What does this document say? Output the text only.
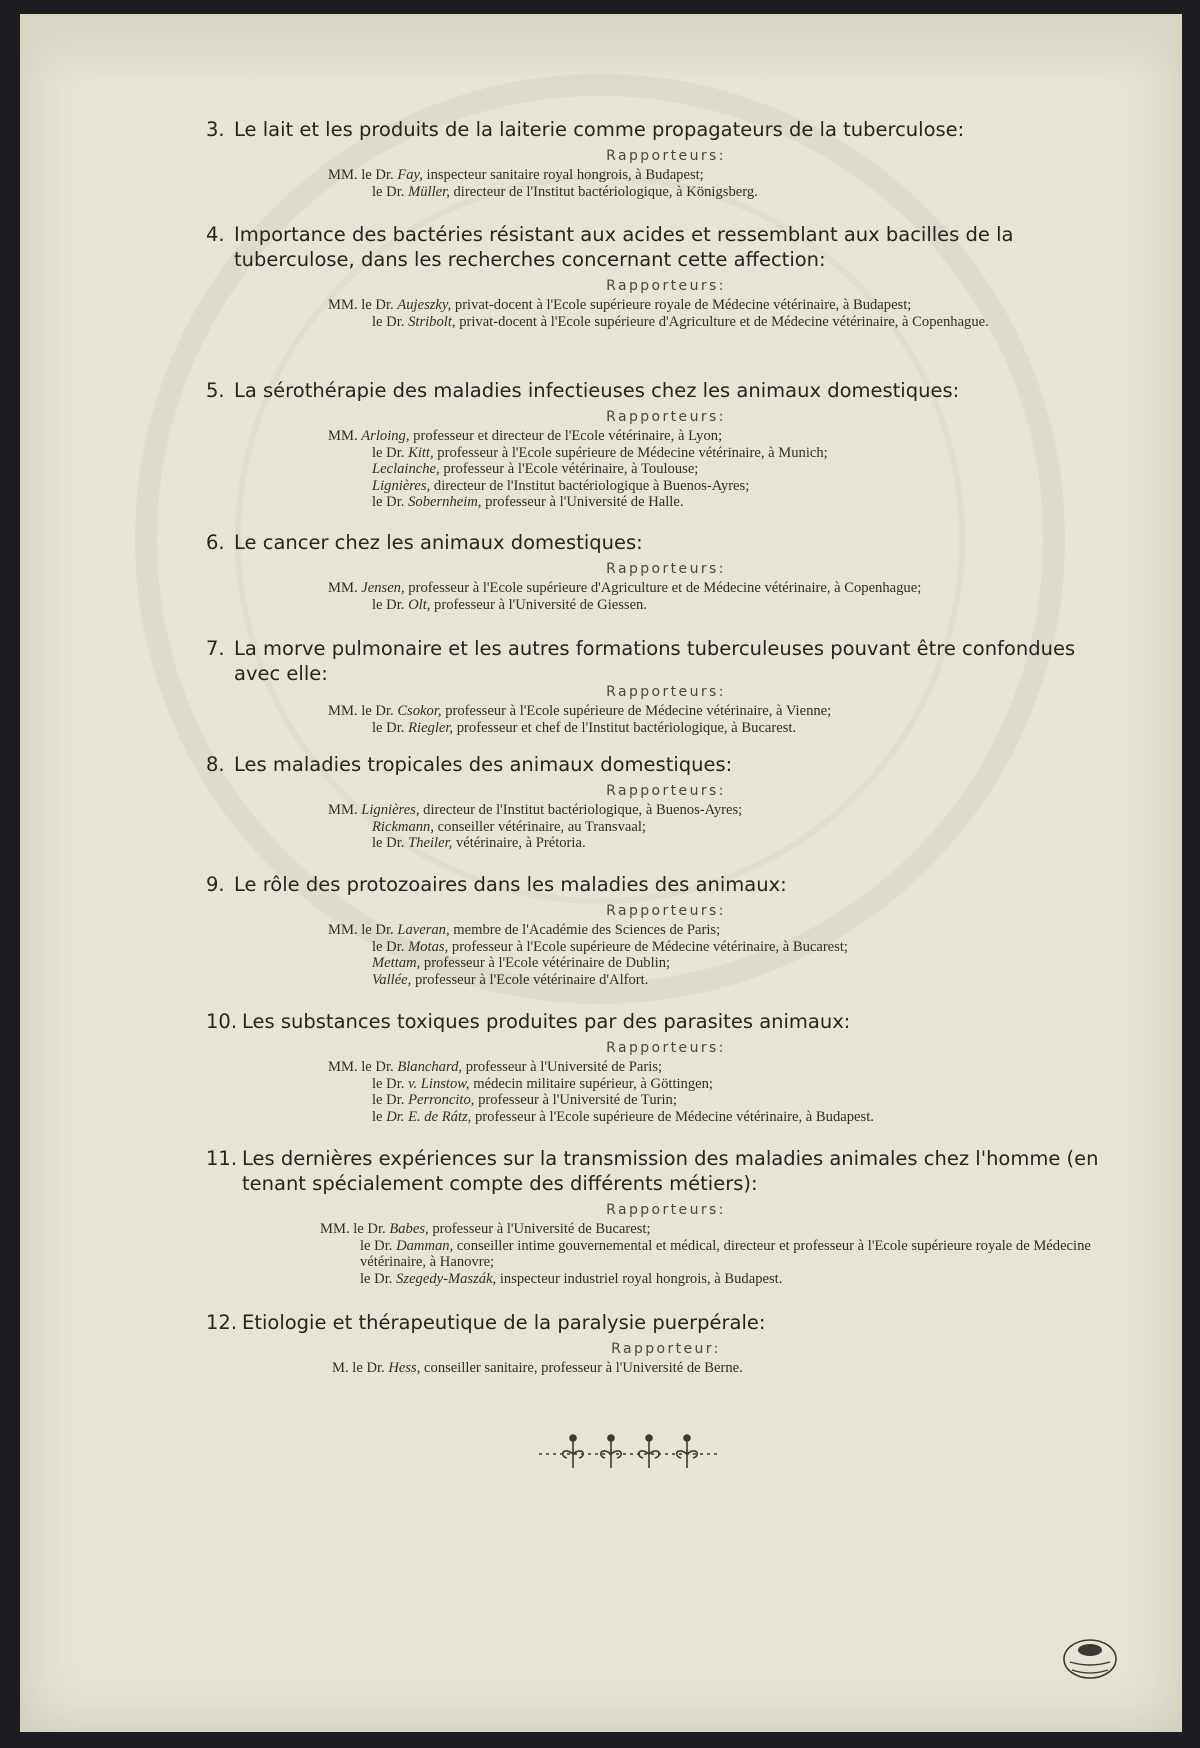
3. Le lait et les produits de la laiterie comme propagateurs de la tuberculose:
Rapporteurs:
MM. le Dr. Fay, inspecteur sanitaire royal hongrois, à Budapest;
le Dr. Müller, directeur de l'Institut bactériologique, à Königsberg.
4. Importance des bactéries résistant aux acides et ressemblant aux bacilles de la tuberculose, dans les recherches concernant cette affection:
Rapporteurs:
MM. le Dr. Aujeszky, privat-docent à l'Ecole supérieure royale de Médecine vétérinaire, à Budapest;
le Dr. Stribolt, privat-docent à l'Ecole supérieure d'Agriculture et de Médecine vétérinaire, à Copenhague.
5. La sérothérapie des maladies infectieuses chez les animaux domestiques:
Rapporteurs:
MM. Arloing, professeur et directeur de l'Ecole vétérinaire, à Lyon;
le Dr. Kitt, professeur à l'Ecole supérieure de Médecine vétérinaire, à Munich;
Leclainche, professeur à l'Ecole vétérinaire, à Toulouse;
Lignières, directeur de l'Institut bactériologique à Buenos-Ayres;
le Dr. Sobernheim, professeur à l'Université de Halle.
6. Le cancer chez les animaux domestiques:
Rapporteurs:
MM. Jensen, professeur à l'Ecole supérieure d'Agriculture et de Médecine vétérinaire, à Copenhague;
le Dr. Olt, professeur à l'Université de Giessen.
7. La morve pulmonaire et les autres formations tuberculeuses pouvant être confondues avec elle:
Rapporteurs:
MM. le Dr. Csokor, professeur à l'Ecole supérieure de Médecine vétérinaire, à Vienne;
le Dr. Riegler, professeur et chef de l'Institut bactériologique, à Bucarest.
8. Les maladies tropicales des animaux domestiques:
Rapporteurs:
MM. Lignières, directeur de l'Institut bactériologique, à Buenos-Ayres;
Rickmann, conseiller vétérinaire, au Transvaal;
le Dr. Theiler, vétérinaire, à Prétoria.
9. Le rôle des protozoaires dans les maladies des animaux:
Rapporteurs:
MM. le Dr. Laveran, membre de l'Académie des Sciences de Paris;
le Dr. Motas, professeur à l'Ecole supérieure de Médecine vétérinaire, à Bucarest;
Mettam, professeur à l'Ecole vétérinaire de Dublin;
Vallée, professeur à l'Ecole vétérinaire d'Alfort.
10. Les substances toxiques produites par des parasites animaux:
Rapporteurs:
MM. le Dr. Blanchard, professeur à l'Université de Paris;
le Dr. v. Linstow, médecin militaire supérieur, à Göttingen;
le Dr. Perroncito, professeur à l'Université de Turin;
le Dr. E. de Rátz, professeur à l'Ecole supérieure de Médecine vétérinaire, à Budapest.
11. Les dernières expériences sur la transmission des maladies animales chez l'homme (en tenant spécialement compte des différents métiers):
Rapporteurs:
MM. le Dr. Babes, professeur à l'Université de Bucarest;
le Dr. Damman, conseiller intime gouvernemental et médical, directeur et professeur à l'Ecole supérieure royale de Médecine vétérinaire, à Hanovre;
le Dr. Szegedy-Maszák, inspecteur industriel royal hongrois, à Budapest.
12. Etiologie et thérapeutique de la paralysie puerpérale:
Rapporteur:
M. le Dr. Hess, conseiller sanitaire, professeur à l'Université de Berne.
